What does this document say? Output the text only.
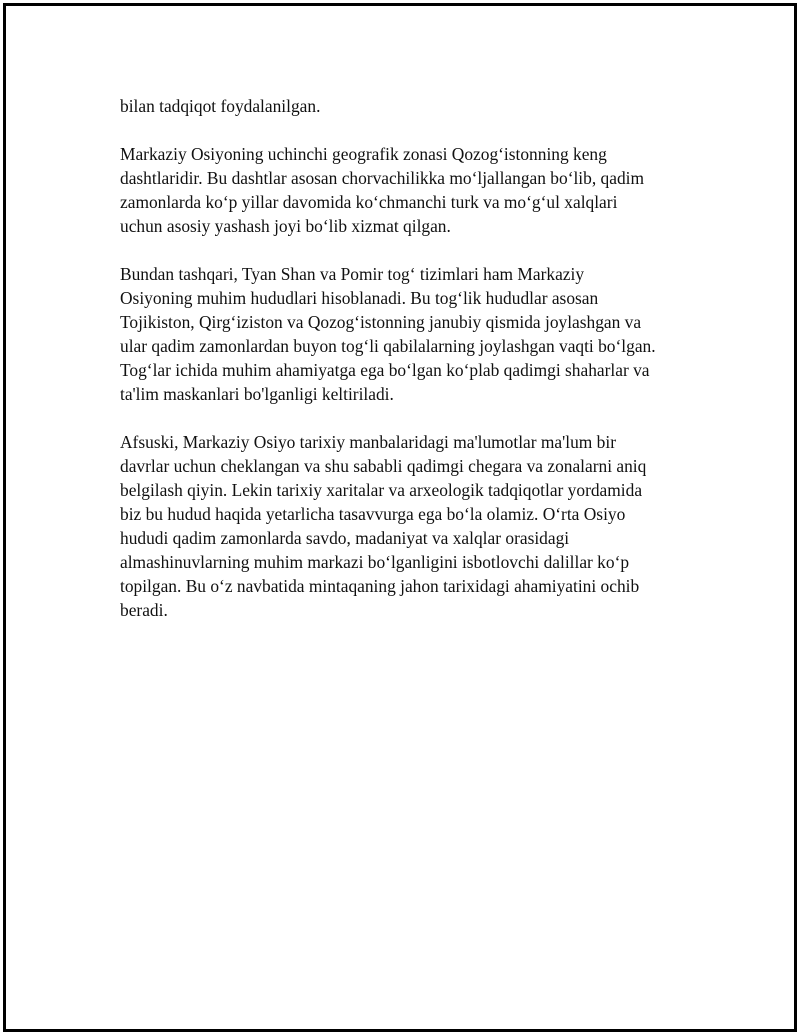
bilan tadqiqot foydalanilgan.

Markaziy Osiyoning uchinchi geografik zonasi Qozog‘istonning keng
dashtlaridir. Bu dashtlar asosan chorvachilikka mo‘ljallangan bo‘lib, qadim
zamonlarda ko‘p yillar davomida ko‘chmanchi turk va mo‘g‘ul xalqlari
uchun asosiy yashash joyi bo‘lib xizmat qilgan.

Bundan tashqari, Tyan Shan va Pomir tog‘ tizimlari ham Markaziy
Osiyoning muhim hududlari hisoblanadi. Bu tog‘lik hududlar asosan
Tojikiston, Qirg‘iziston va Qozog‘istonning janubiy qismida joylashgan va
ular qadim zamonlardan buyon tog‘li qabilalarning joylashgan vaqti bo‘lgan.
Tog‘lar ichida muhim ahamiyatga ega bo‘lgan ko‘plab qadimgi shaharlar va
ta'lim maskanlari bo'lganligi keltiriladi.

Afsuski, Markaziy Osiyo tarixiy manbalaridagi ma'lumotlar ma'lum bir
davrlar uchun cheklangan va shu sababli qadimgi chegara va zonalarni aniq
belgilash qiyin. Lekin tarixiy xaritalar va arxeologik tadqiqotlar yordamida
biz bu hudud haqida yetarlicha tasavvurga ega bo‘la olamiz. O‘rta Osiyo
hududi qadim zamonlarda savdo, madaniyat va xalqlar orasidagi
almashinuvlarning muhim markazi bo‘lganligini isbotlovchi dalillar ko‘p
topilgan. Bu o‘z navbatida mintaqaning jahon tarixidagi ahamiyatini ochib
beradi.
